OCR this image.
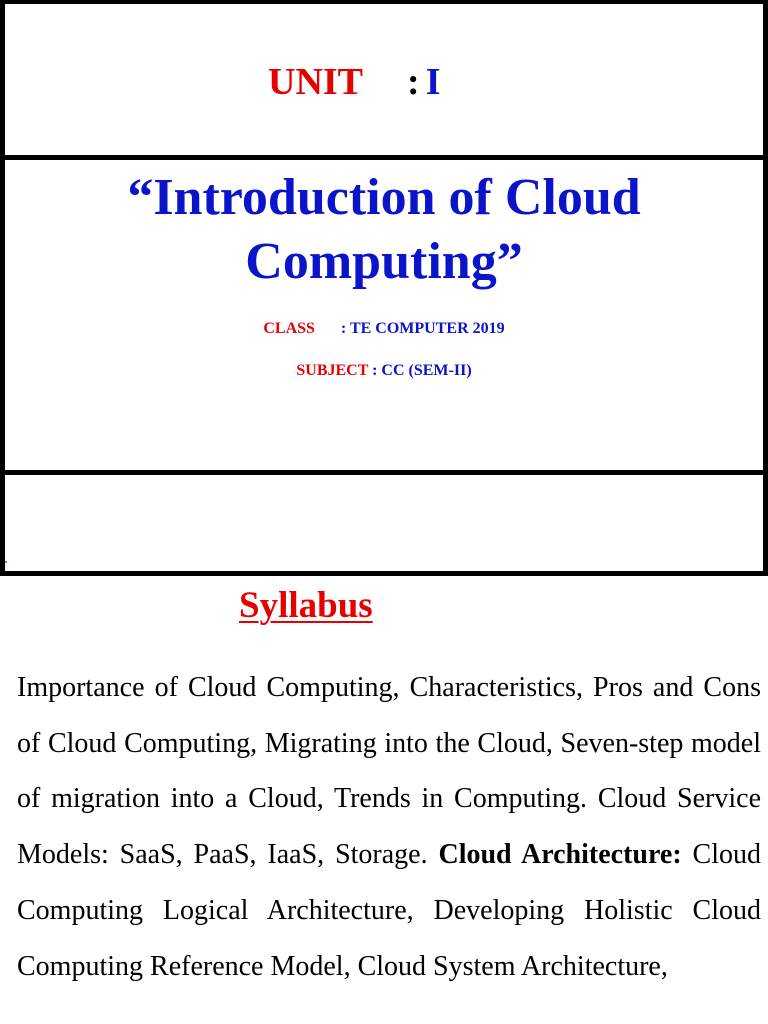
UNIT : I
“Introduction of Cloud
Computing”
CLASS : TE COMPUTER 2019
SUBJECT : CC (SEM-II)
Syllabus
Importance of Cloud Computing, Characteristics, Pros and Cons of Cloud Computing, Migrating into the Cloud, Seven-step model of migration into a Cloud, Trends in Computing. Cloud Service Models: SaaS, PaaS, IaaS, Storage. Cloud Architecture: Cloud Computing Logical Architecture, Developing Holistic Cloud Computing Reference Model, Cloud System Architecture,
